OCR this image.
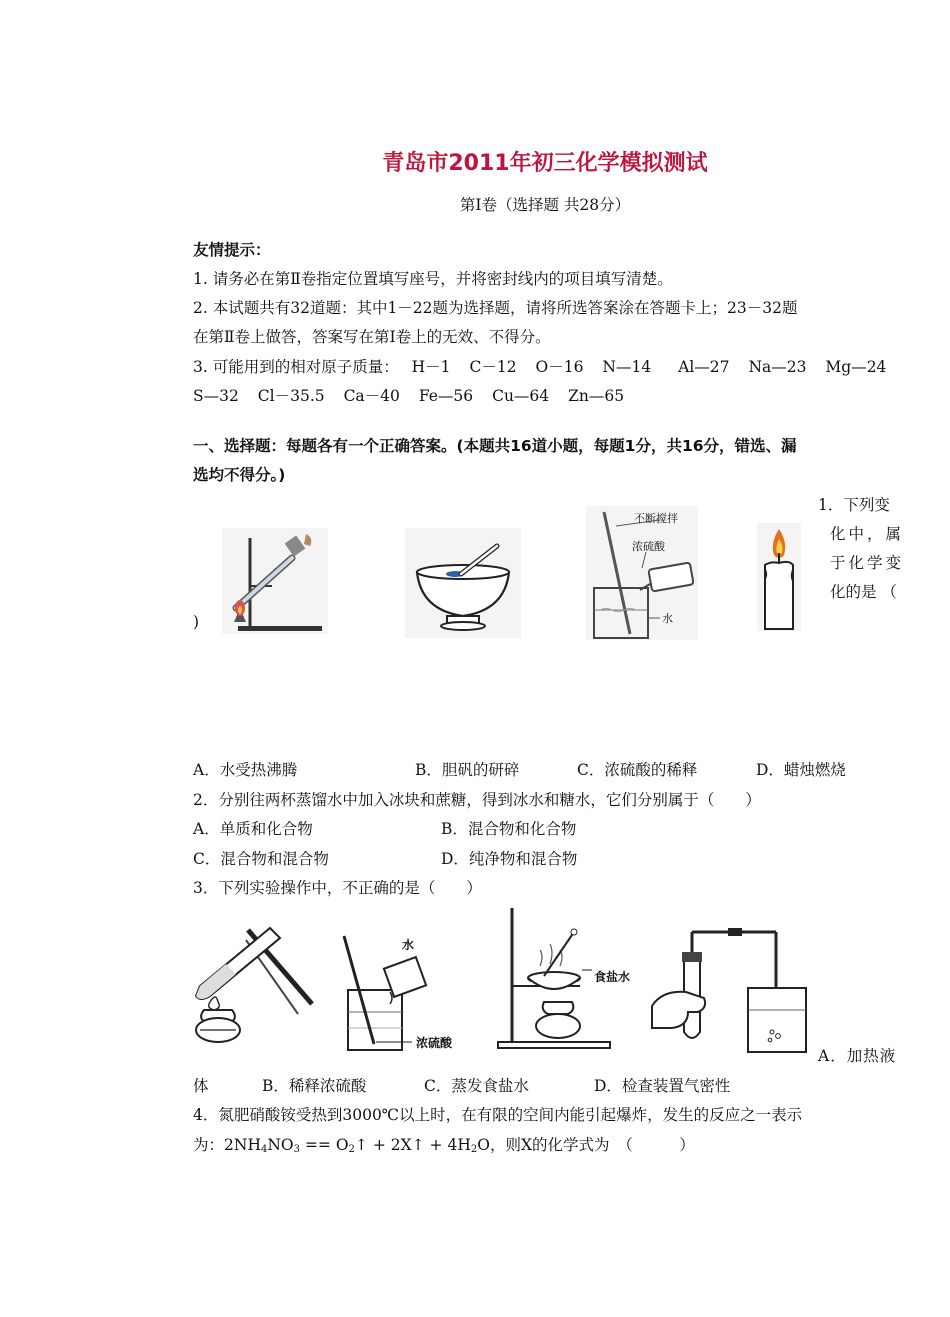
青岛市2011年初三化学模拟测试
第Ⅰ卷（选择题 共28分）
友情提示：
1. 请务必在第Ⅱ卷指定位置填写座号，并将密封线内的项目填写清楚。
2. 本试题共有32道题：其中1－22题为选择题，请将所选答案涂在答题卡上；23－32题
在第Ⅱ卷上做答，答案写在第Ⅰ卷上的无效、不得分。
3. 可能用到的相对原子质量： H－1 C－12 O－16 N—14 Al—27 Na—23 Mg—24
S—32 Cl－35.5 Ca－40 Fe—56 Cu—64 Zn—65
一、选择题：每题各有一个正确答案。(本题共16道小题，每题1分，共16分，错选、漏
选均不得分。)
1．下列变
化中，属
于化学变
化的是 （
)
不断搅拌
浓硫酸
水
A．水受热沸腾	B．胆矾的研碎	C．浓硫酸的稀释	D．蜡烛燃烧
2．分别往两杯蒸馏水中加入冰块和蔗糖，得到冰水和糖水，它们分别属于（　　）
A．单质和化合物	B．混合物和化合物
C．混合物和混合物	D．纯净物和混合物
3．下列实验操作中，不正确的是（　　）
水
浓硫酸
食盐水
A．加热液
体	B．稀释浓硫酸	C．蒸发食盐水	D．检查装置气密性
4．氮肥硝酸铵受热到3000℃以上时，在有限的空间内能引起爆炸，发生的反应之一表示
为：$2NH_4NO_3$ == $O_2↑$ + 2X↑ + $4H_2O$，则X的化学式为　（　　　）
